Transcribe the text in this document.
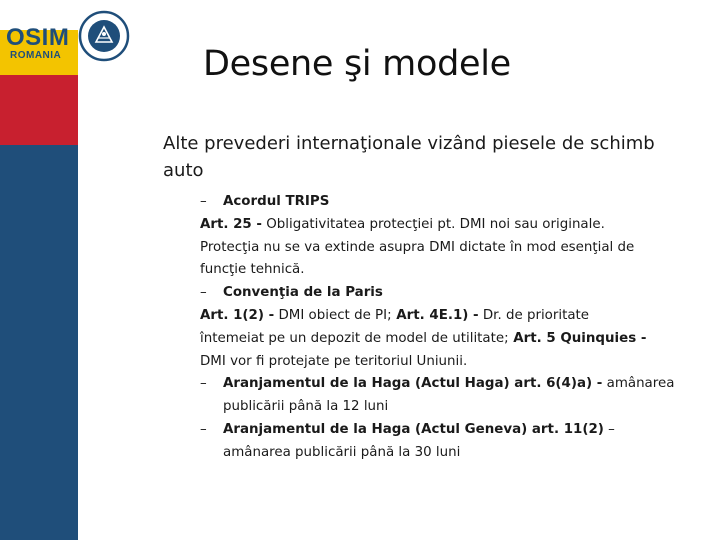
OSIM
ROMANIA	Desene şi modele
Alte prevederi internaţionale vizând piesele de schimb auto
– Acordul TRIPS
Art. 25 - Obligativitatea protecţiei pt. DMI noi sau originale.
Protecţia nu se va extinde asupra DMI dictate în mod esenţial de
funcţie tehnică.
– Convenţia de la Paris
Art. 1(2) - DMI obiect de PI; Art. 4E.1) - Dr. de prioritate
întemeiat pe un depozit de model de utilitate; Art. 5 Quinquies -
DMI vor fi protejate pe teritoriul Uniunii.
– Aranjamentul de la Haga (Actul Haga) art. 6(4)a) - amânarea
publicării până la 12 luni
– Aranjamentul de la Haga (Actul Geneva) art. 11(2) –
amânarea publicării până la 30 luni
